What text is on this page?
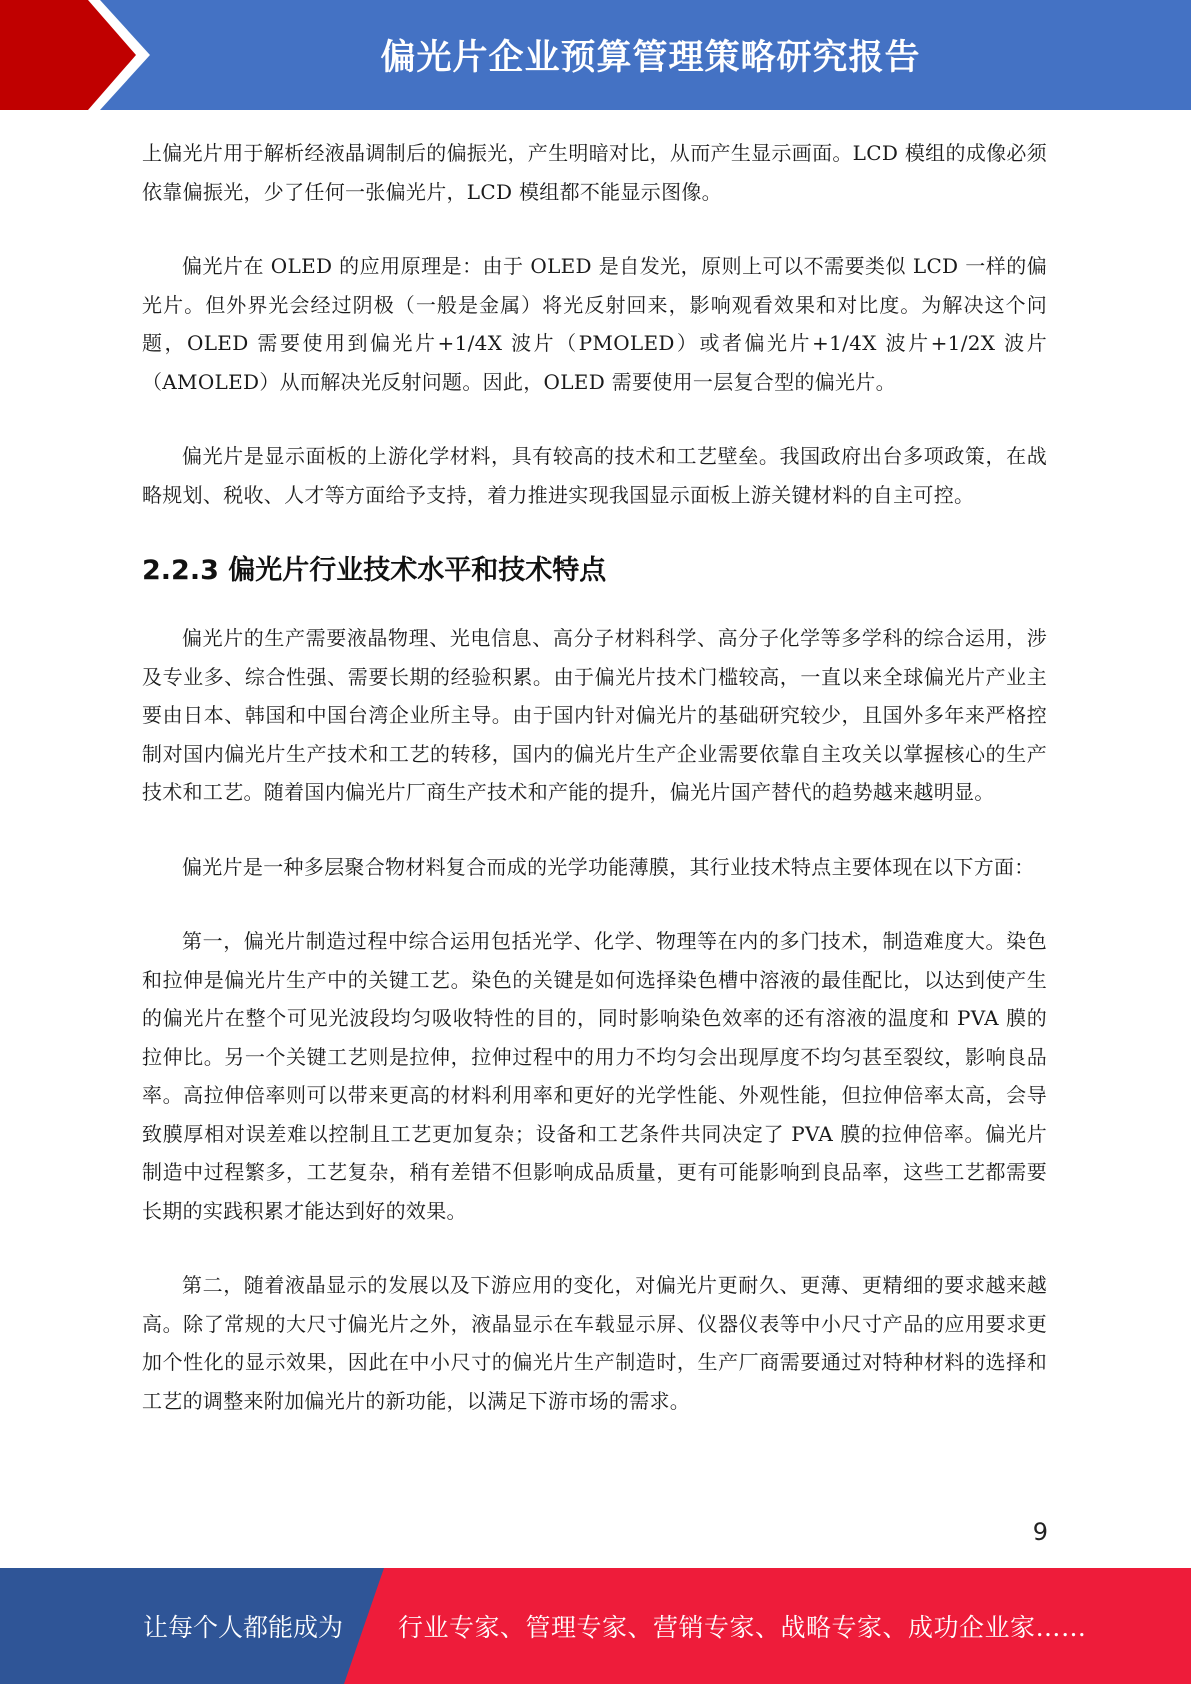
偏光片企业预算管理策略研究报告

上偏光片用于解析经液晶调制后的偏振光，产生明暗对比，从而产生显示画面。LCD 模组的成像必须依靠偏振光，少了任何一张偏光片，LCD 模组都不能显示图像。

偏光片在 OLED 的应用原理是：由于 OLED 是自发光，原则上可以不需要类似 LCD 一样的偏光片。但外界光会经过阴极（一般是金属）将光反射回来，影响观看效果和对比度。为解决这个问题，OLED 需要使用到偏光片+1/4X 波片（PMOLED）或者偏光片+1/4X 波片+1/2X 波片（AMOLED）从而解决光反射问题。因此，OLED 需要使用一层复合型的偏光片。

偏光片是显示面板的上游化学材料，具有较高的技术和工艺壁垒。我国政府出台多项政策，在战略规划、税收、人才等方面给予支持，着力推进实现我国显示面板上游关键材料的自主可控。

2.2.3 偏光片行业技术水平和技术特点

偏光片的生产需要液晶物理、光电信息、高分子材料科学、高分子化学等多学科的综合运用，涉及专业多、综合性强、需要长期的经验积累。由于偏光片技术门槛较高，一直以来全球偏光片产业主要由日本、韩国和中国台湾企业所主导。由于国内针对偏光片的基础研究较少，且国外多年来严格控制对国内偏光片生产技术和工艺的转移，国内的偏光片生产企业需要依靠自主攻关以掌握核心的生产技术和工艺。随着国内偏光片厂商生产技术和产能的提升，偏光片国产替代的趋势越来越明显。

偏光片是一种多层聚合物材料复合而成的光学功能薄膜，其行业技术特点主要体现在以下方面：

第一，偏光片制造过程中综合运用包括光学、化学、物理等在内的多门技术，制造难度大。染色和拉伸是偏光片生产中的关键工艺。染色的关键是如何选择染色槽中溶液的最佳配比，以达到使产生的偏光片在整个可见光波段均匀吸收特性的目的，同时影响染色效率的还有溶液的温度和 PVA 膜的拉伸比。另一个关键工艺则是拉伸，拉伸过程中的用力不均匀会出现厚度不均匀甚至裂纹，影响良品率。高拉伸倍率则可以带来更高的材料利用率和更好的光学性能、外观性能，但拉伸倍率太高，会导致膜厚相对误差难以控制且工艺更加复杂；设备和工艺条件共同决定了 PVA 膜的拉伸倍率。偏光片制造中过程繁多，工艺复杂，稍有差错不但影响成品质量，更有可能影响到良品率，这些工艺都需要长期的实践积累才能达到好的效果。

第二，随着液晶显示的发展以及下游应用的变化，对偏光片更耐久、更薄、更精细的要求越来越高。除了常规的大尺寸偏光片之外，液晶显示在车载显示屏、仪器仪表等中小尺寸产品的应用要求更加个性化的显示效果，因此在中小尺寸的偏光片生产制造时，生产厂商需要通过对特种材料的选择和工艺的调整来附加偏光片的新功能，以满足下游市场的需求。

9
让每个人都能成为 行业专家、管理专家、营销专家、战略专家、成功企业家……
